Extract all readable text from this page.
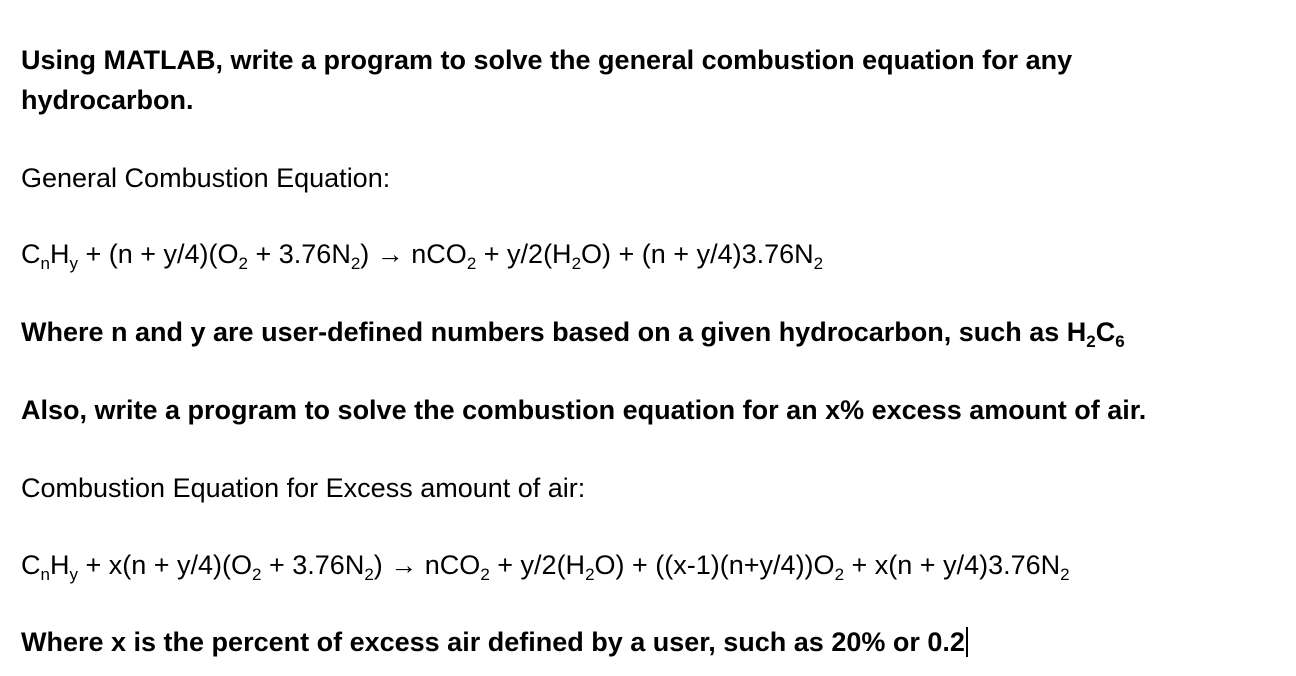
Using MATLAB, write a program to solve the general combustion equation for any
hydrocarbon.
General Combustion Equation:
$C_nH_y + (n + y/4)(O_2 + 3.76N_2) \to nCO_2 + y/2(H_2O) + (n + y/4)3.76N_2$
Where n and y are user-defined numbers based on a given hydrocarbon, such as $H_2C_6$
Also, write a program to solve the combustion equation for an x% excess amount of air.
Combustion Equation for Excess amount of air:
$C_nH_y + x(n + y/4)(O_2 + 3.76N_2) \to nCO_2 + y/2(H_2O) + ((x-1)(n+y/4))O_2 + x(n + y/4)3.76N_2$
Where x is the percent of excess air defined by a user, such as 20% or 0.2
